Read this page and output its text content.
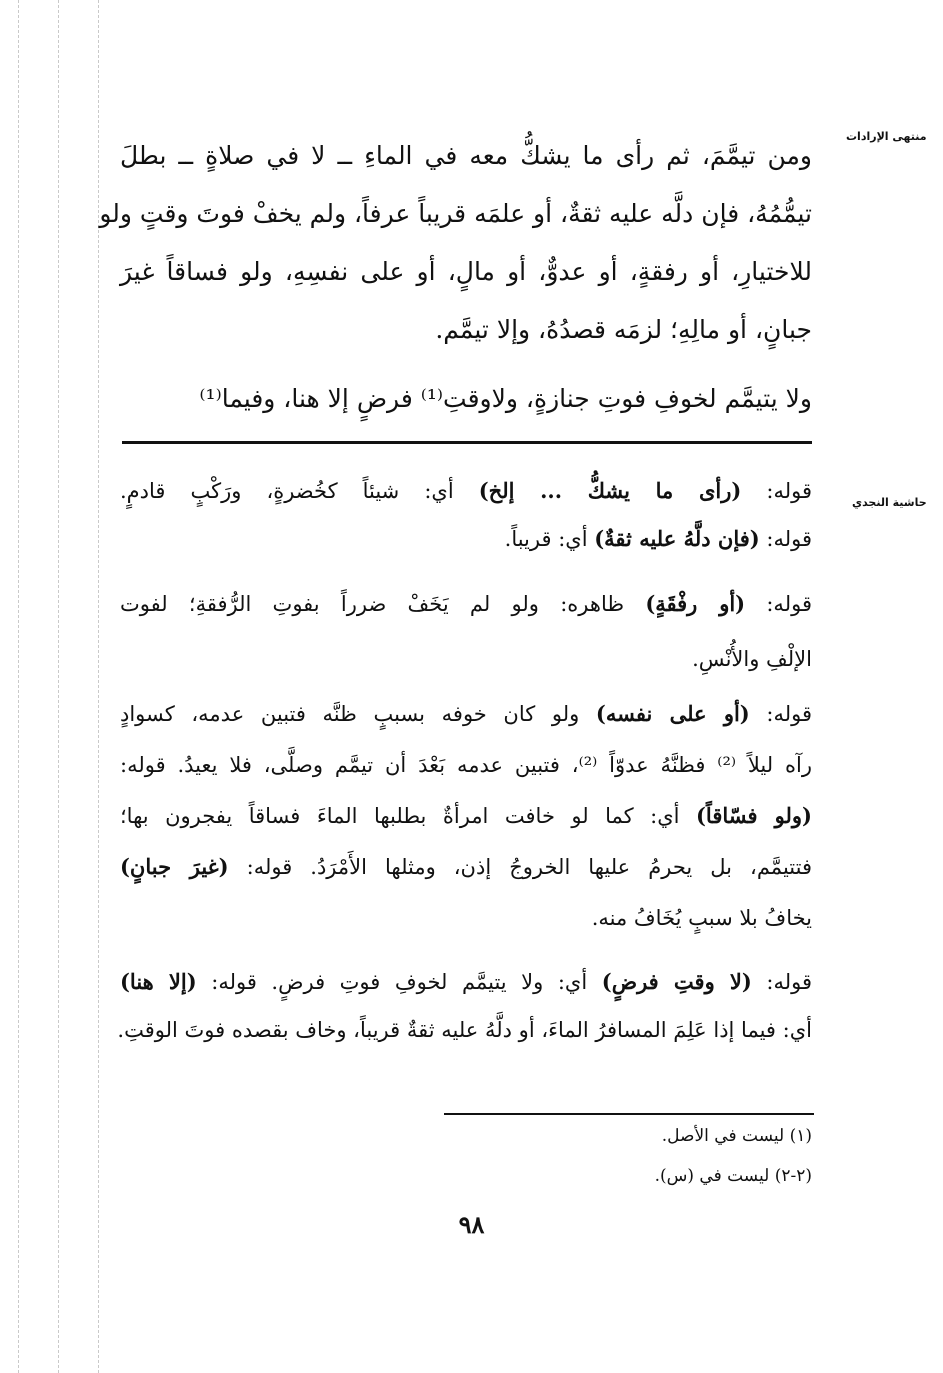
منتهى الإرادات
حاشية النجدي
ومن تيمَّمَ، ثم رأى ما يشكُّ معه في الماءِ ــ لا في صلاةٍ ــ بطلَ
تيمُّمُهُ، فإن دلَّه عليه ثقةٌ، أو علمَه قريباً عرفاً، ولم يخفْ فوتَ وقتٍ ولو
للاختيارِ، أو رفقةٍ، أو عدوٌّ، أو مالٍ، أو على نفسِهِ، ولو فساقاً غيرَ
جبانٍ، أو مالِهِ؛ لزمَه قصدُهُ، وإلا تيمَّم.
ولا يتيمَّم لخوفِ فوتِ جنازةٍ، ولاوقتِ⁽¹⁾ فرضٍ إلا هنا، وفيما⁽¹⁾
قوله: (رأى ما يشكُّ ... إلخ) أي: شيئاً كخُضرةٍ، ورَكْبٍ قادمٍ.
قوله: (فإن دلَّهُ عليه ثقةٌ) أي: قريباً.
قوله: (أو رفْقَةٍ) ظاهره: ولو لم يَخَفْ ضرراً بفوتِ الرُّفقةِ؛ لفوت
الإلْفِ والأُنْسِ.
قوله: (أو على نفسه) ولو كان خوفه بسببٍ ظنَّه فتبين عدمه، كسوادٍ
رآه ليلاً ⁽²⁾ فظنَّهُ عدوّاً ⁽²⁾، فتبين عدمه بَعْدَ أن تيمَّم وصلَّى، فلا يعيدُ. قوله:
(ولو فسّاقاً) أي: كما لو خافت امرأةٌ بطلبها الماءَ فساقاً يفجرون بها؛
فتتيمَّم، بل يحرمُ عليها الخروجُ إذن، ومثلها الأَمْرَدُ. قوله: (غيرَ جبانٍ)
يخافُ بلا سببٍ يُخَافُ منه.
قوله: (لا وقتِ فرضٍ) أي: ولا يتيمَّم لخوفِ فوتِ فرضٍ. قوله: (إلا هنا)
أي: فيما إذا عَلِمَ المسافرُ الماءَ، أو دلَّهُ عليه ثقةٌ قريباً، وخاف بقصده فوتَ الوقتِ.
(١) ليست في الأصل.
(٢-٢) ليست في (س).
٩٨
